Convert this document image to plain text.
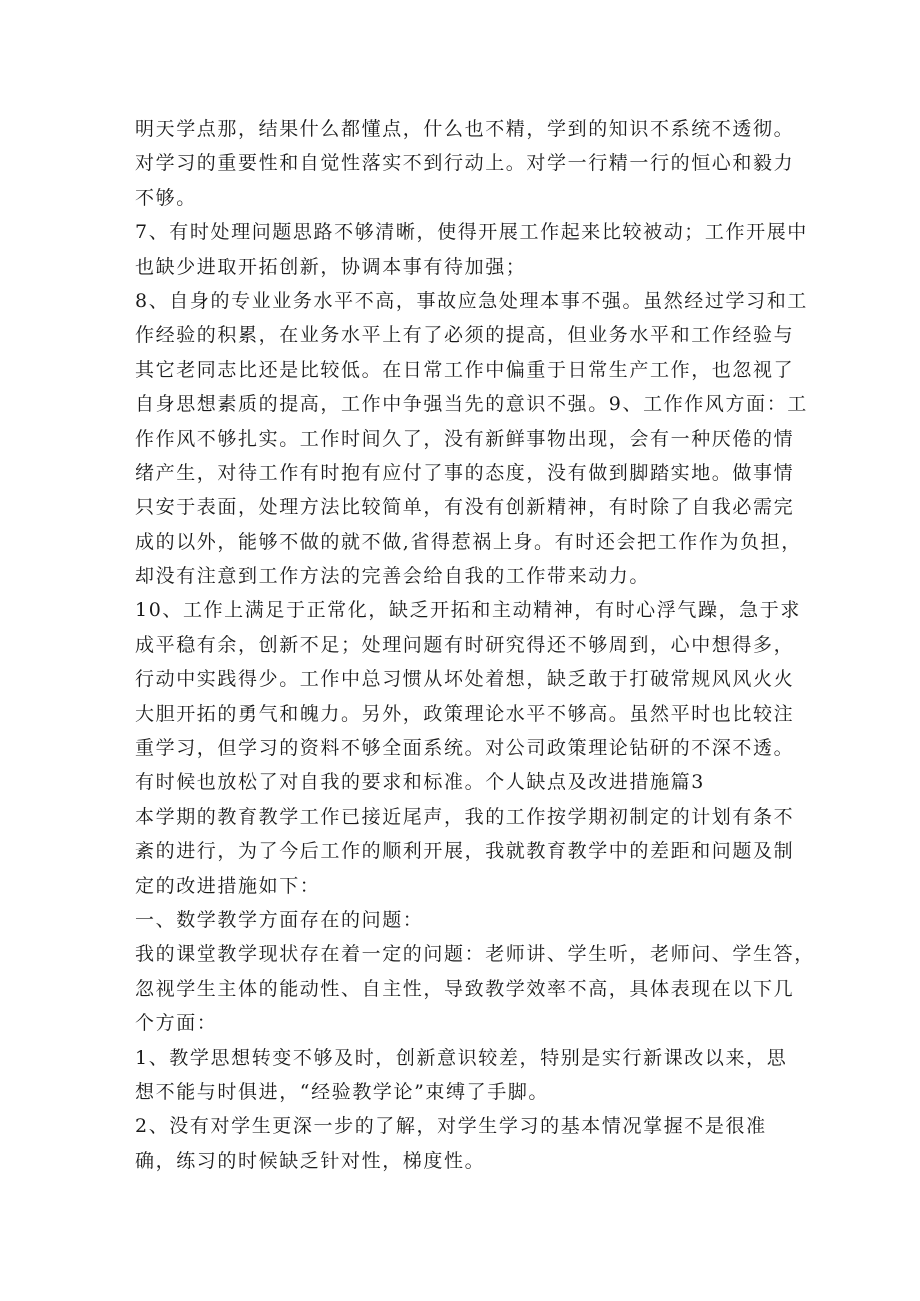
明天学点那，结果什么都懂点，什么也不精，学到的知识不系统不透彻。
对学习的重要性和自觉性落实不到行动上。对学一行精一行的恒心和毅力
不够。
7、有时处理问题思路不够清晰，使得开展工作起来比较被动；工作开展中
也缺少进取开拓创新，协调本事有待加强；
8、自身的专业业务水平不高，事故应急处理本事不强。虽然经过学习和工
作经验的积累，在业务水平上有了必须的提高，但业务水平和工作经验与
其它老同志比还是比较低。在日常工作中偏重于日常生产工作，也忽视了
自身思想素质的提高，工作中争强当先的意识不强。9、工作作风方面：工
作作风不够扎实。工作时间久了，没有新鲜事物出现，会有一种厌倦的情
绪产生，对待工作有时抱有应付了事的态度，没有做到脚踏实地。做事情
只安于表面，处理方法比较简单，有没有创新精神，有时除了自我必需完
成的以外，能够不做的就不做,省得惹祸上身。有时还会把工作作为负担，
却没有注意到工作方法的完善会给自我的工作带来动力。
10、工作上满足于正常化，缺乏开拓和主动精神，有时心浮气躁，急于求
成平稳有余，创新不足；处理问题有时研究得还不够周到，心中想得多，
行动中实践得少。工作中总习惯从坏处着想，缺乏敢于打破常规风风火火
大胆开拓的勇气和魄力。另外，政策理论水平不够高。虽然平时也比较注
重学习，但学习的资料不够全面系统。对公司政策理论钻研的不深不透。
有时候也放松了对自我的要求和标准。个人缺点及改进措施篇3
本学期的教育教学工作已接近尾声，我的工作按学期初制定的计划有条不
紊的进行，为了今后工作的顺利开展，我就教育教学中的差距和问题及制
定的改进措施如下：
一、数学教学方面存在的问题：
我的课堂教学现状存在着一定的问题：老师讲、学生听，老师问、学生答，
忽视学生主体的能动性、自主性，导致教学效率不高，具体表现在以下几
个方面：
1、教学思想转变不够及时，创新意识较差，特别是实行新课改以来，思
想不能与时俱进，“经验教学论”束缚了手脚。
2、没有对学生更深一步的了解，对学生学习的基本情况掌握不是很准
确，练习的时候缺乏针对性，梯度性。
